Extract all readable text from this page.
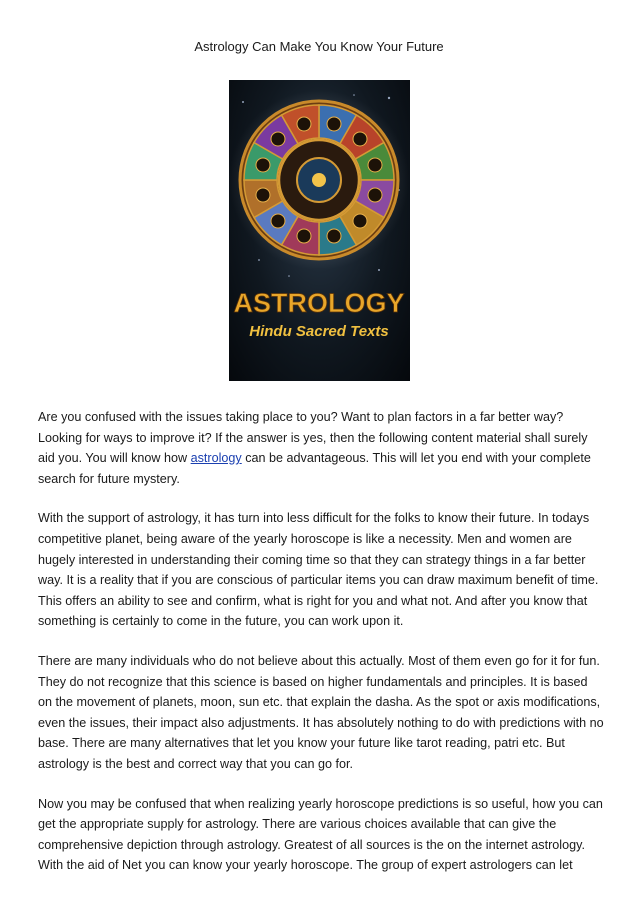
Astrology Can Make You Know Your Future
ASTROLOGY
Hindu Sacred Texts

Are you confused with the issues taking place to you? Want to plan factors in a far better way? Looking for ways to improve it? If the answer is yes, then the following content material shall surely aid you. You will know how astrology can be advantageous. This will let you end with your complete search for future mystery.

With the support of astrology, it has turn into less difficult for the folks to know their future. In todays competitive planet, being aware of the yearly horoscope is like a necessity. Men and women are hugely interested in understanding their coming time so that they can strategy things in a far better way. It is a reality that if you are conscious of particular items you can draw maximum benefit of time. This offers an ability to see and confirm, what is right for you and what not. And after you know that something is certainly to come in the future, you can work upon it.

There are many individuals who do not believe about this actually. Most of them even go for it for fun. They do not recognize that this science is based on higher fundamentals and principles. It is based on the movement of planets, moon, sun etc. that explain the dasha. As the spot or axis modifications, even the issues, their impact also adjustments. It has absolutely nothing to do with predictions with no base. There are many alternatives that let you know your future like tarot reading, patri etc. But astrology is the best and correct way that you can go for.

Now you may be confused that when realizing yearly horoscope predictions is so useful, how you can get the appropriate supply for astrology. There are various choices available that can give the comprehensive depiction through astrology. Greatest of all sources is the on the internet astrology. With the aid of Net you can know your yearly horoscope. The group of expert astrologers can let
